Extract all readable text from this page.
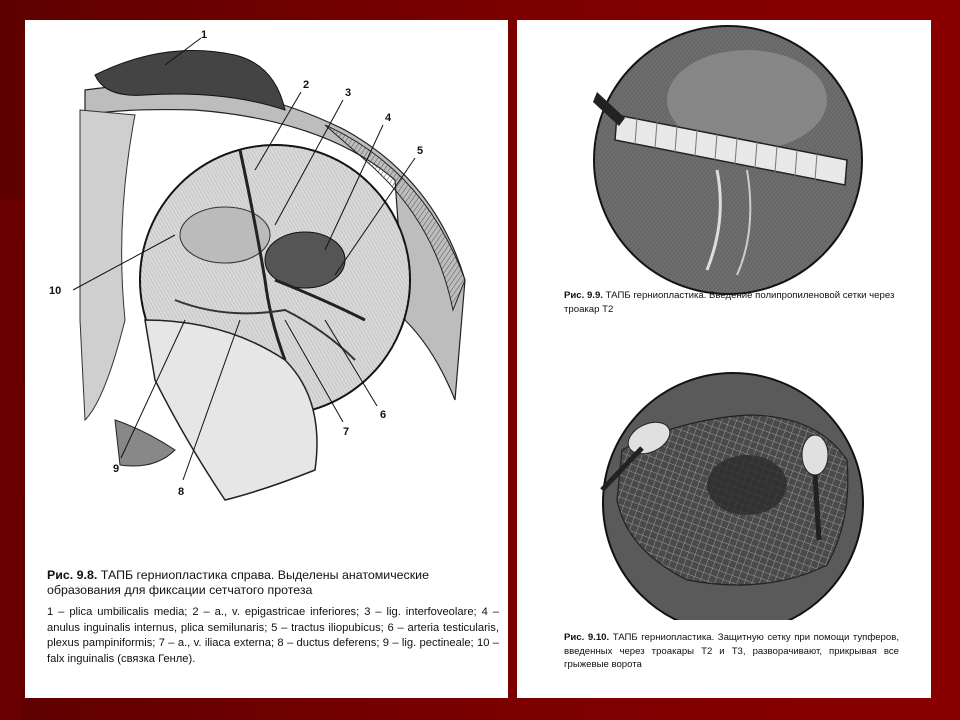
1
2
3
4
5
6
7
8
9
10
Рис. 9.8. ТАПБ герниопластика справа. Выделены анатомические образования для фиксации сетчатого протеза
1 – plica umbilicalis media; 2 – a., v. epigastricae inferiores; 3 – lig. interfoveolare; 4 – anulus inguinalis internus, plica semilunaris; 5 – tractus iliopubicus; 6 – arteria testicularis, plexus pampiniformis; 7 – a., v. iliaca externa; 8 – ductus deferens; 9 – lig. pectineale; 10 – falx inguinalis (связка Генле).
Рис. 9.9. ТАПБ герниопластика. Введение полипропиленовой сетки через троакар Т2
Рис. 9.10. ТАПБ герниопластика. Защитную сетку при помощи тупферов, введенных через троакары Т2 и Т3, разворачивают, прикрывая все грыжевые ворота
